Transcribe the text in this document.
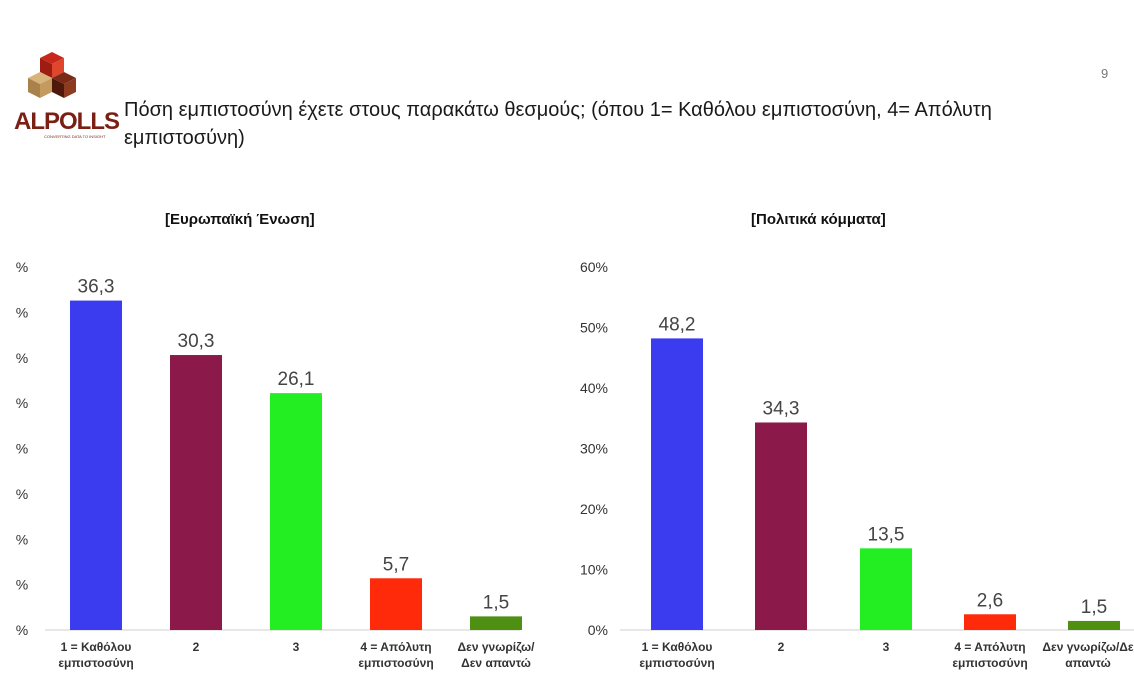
ALPOLLS
CONVERTING DATA TO INSIGHT
9
Πόση εμπιστοσύνη έχετε στους παρακάτω θεσμούς; (όπου 1= Καθόλου εμπιστοσύνη, 4= Απόλυτη εμπιστοσύνη)
[Ευρωπαϊκή Ένωση]	[Πολιτικά κόμματα]
%
%
%
%
%
%
%
%
%
36,3
30,3
26,1
5,7
1,5
0%
10%
20%
30%
40%
50%
60%
48,2
34,3
13,5
2,6	1,5
1 = Καθόλου εμπιστοσύνη
2	3	4 = Απόλυτη εμπιστοσύνη
Δεν γνωρίζω/Δεν απαντώ
1 = Καθόλου εμπιστοσύνη
2	3	4 = Απόλυτη εμπιστοσύνη
Δεν γνωρίζω/Δε απαντώ
